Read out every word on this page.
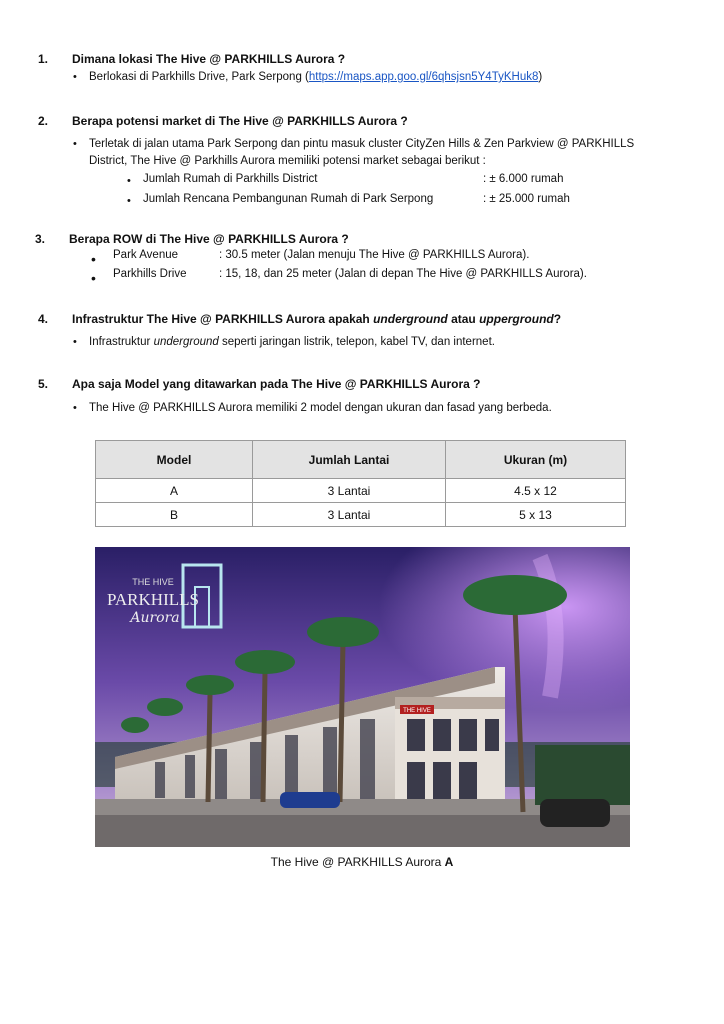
1. Dimana lokasi The Hive @ PARKHILLS Aurora ?
• Berlokasi di Parkhills Drive, Park Serpong (https://maps.app.goo.gl/6qhsjsn5Y4TyKHuk8)
2. Berapa potensi market di The Hive @ PARKHILLS Aurora ?
• Terletak di jalan utama Park Serpong dan pintu masuk cluster CityZen Hills & Zen Parkview @ PARKHILLS
District, The Hive @ Parkhills Aurora memiliki potensi market sebagai berikut :
• Jumlah Rumah di Parkhills District	: ± 6.000 rumah
• Jumlah Rencana Pembangunan Rumah di Park Serpong	: ± 25.000 rumah
3. Berapa ROW di The Hive @ PARKHILLS Aurora ?
• Park Avenue	: 30.5 meter (Jalan menuju The Hive @ PARKHILLS Aurora).
• Parkhills Drive	: 15, 18, dan 25 meter (Jalan di depan The Hive @ PARKHILLS Aurora).
4. Infrastruktur The Hive @ PARKHILLS Aurora apakah underground atau upperground?
• Infrastruktur underground seperti jaringan listrik, telepon, kabel TV, dan internet.
5. Apa saja Model yang ditawarkan pada The Hive @ PARKHILLS Aurora ?
• The Hive @ PARKHILLS Aurora memiliki 2 model dengan ukuran dan fasad yang berbeda.
Model	Jumlah Lantai	Ukuran (m)
A	3 Lantai	4.5 x 12
B	3 Lantai	5 x 13
THE HIVE
THE HIVE
PARKHILLS
Aurora
The Hive @ PARKHILLS Aurora A
